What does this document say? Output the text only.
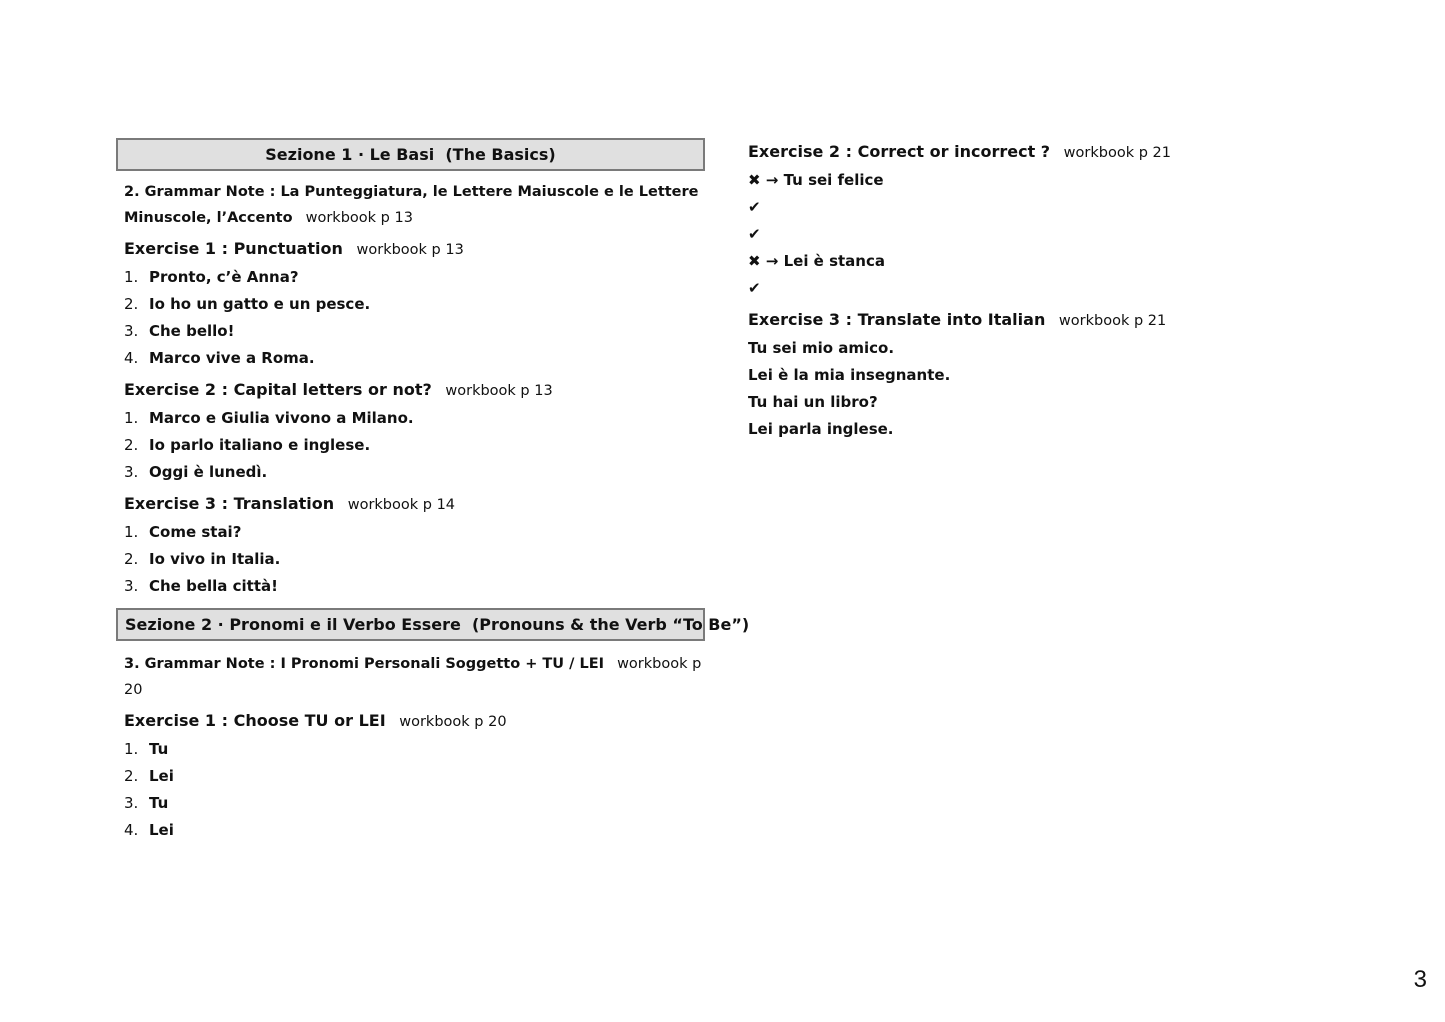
Sezione 1 · Le Basi  (The Basics)
2. Grammar Note : La Punteggiatura, le Lettere Maiuscole e le Lettere Minuscole, l’Accento workbook p 13
Exercise 1 : Punctuation workbook p 13
1. Pronto, c’è Anna?
2. Io ho un gatto e un pesce.
3. Che bello!
4. Marco vive a Roma.
Exercise 2 : Capital letters or not? workbook p 13
1. Marco e Giulia vivono a Milano.
2. Io parlo italiano e inglese.
3. Oggi è lunedì.
Exercise 3 : Translation workbook p 14
1. Come stai?
2. Io vivo in Italia.
3. Che bella città!
Sezione 2 · Pronomi e il Verbo Essere  (Pronouns & the Verb “To Be”)
3. Grammar Note : I Pronomi Personali Soggetto + TU / LEI workbook p 20
Exercise 1 : Choose TU or LEI workbook p 20
1. Tu
2. Lei
3. Tu
4. Lei
Exercise 2 : Correct or incorrect ? workbook p 21
✖ → Tu sei felice
✔
✔
✖ → Lei è stanca
✔
Exercise 3 : Translate into Italian workbook p 21
Tu sei mio amico.
Lei è la mia insegnante.
Tu hai un libro?
Lei parla inglese.
3
